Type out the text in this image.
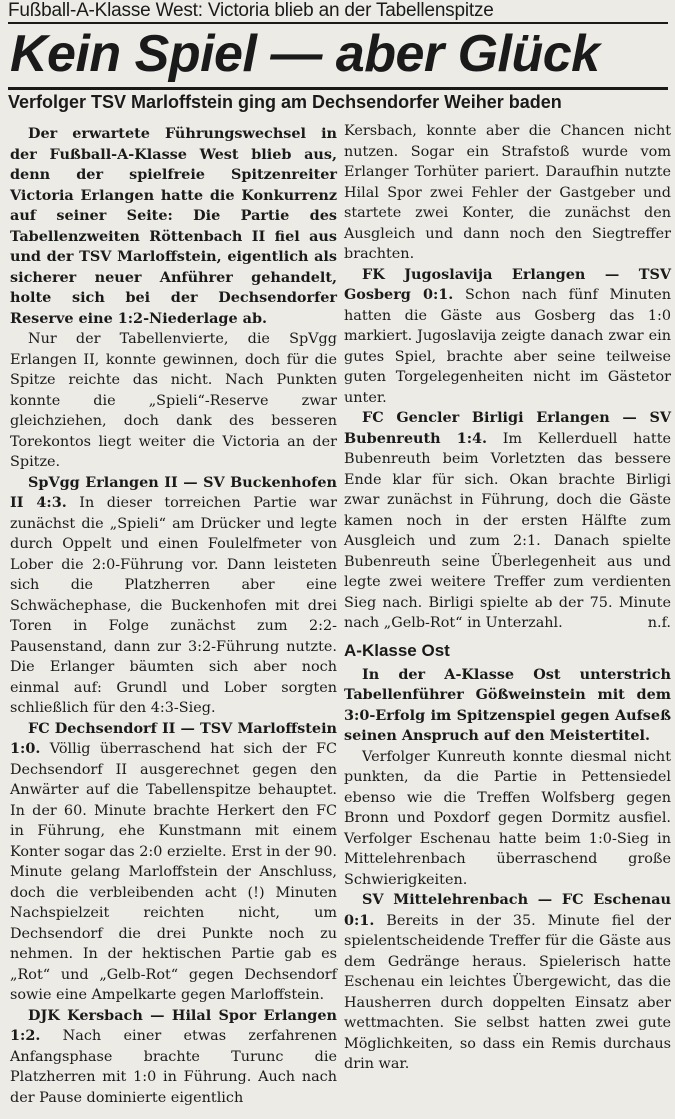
Fußball-A-Klasse West: Victoria blieb an der Tabellenspitze
Kein Spiel — aber Glück
Verfolger TSV Marloffstein ging am Dechsendorfer Weiher baden

Der erwartete Führungswechsel in der Fußball-A-Klasse West blieb aus, denn der spielfreie Spitzenreiter Victoria Erlangen hatte die Konkurrenz auf seiner Seite: Die Partie des Tabellenzweiten Röttenbach II fiel aus und der TSV Marloffstein, eigentlich als sicherer neuer Anführer gehandelt, holte sich bei der Dechsendorfer Reserve eine 1:2-Niederlage ab.

Nur der Tabellenvierte, die SpVgg Erlangen II, konnte gewinnen, doch für die Spitze reichte das nicht. Nach Punkten konnte die „Spieli“-Reserve zwar gleichziehen, doch dank des besseren Torekontos liegt weiter die Victoria an der Spitze.

SpVgg Erlangen II — SV Buckenhofen II 4:3. In dieser torreichen Partie war zunächst die „Spieli“ am Drücker und legte durch Oppelt und einen Foulelfmeter von Lober die 2:0-Führung vor. Dann leisteten sich die Platzherren aber eine Schwächephase, die Buckenhofen mit drei Toren in Folge zunächst zum 2:2-Pausenstand, dann zur 3:2-Führung nutzte. Die Erlanger bäumten sich aber noch einmal auf: Grundl und Lober sorgten schließlich für den 4:3-Sieg.

FC Dechsendorf II — TSV Marloffstein 1:0. Völlig überraschend hat sich der FC Dechsendorf II ausgerechnet gegen den Anwärter auf die Tabellenspitze behauptet. In der 60. Minute brachte Herkert den FC in Führung, ehe Kunstmann mit einem Konter sogar das 2:0 erzielte. Erst in der 90. Minute gelang Marloffstein der Anschluss, doch die verbleibenden acht (!) Minuten Nachspielzeit reichten nicht, um Dechsendorf die drei Punkte noch zu nehmen. In der hektischen Partie gab es „Rot“ und „Gelb-Rot“ gegen Dechsendorf sowie eine Ampelkarte gegen Marloffstein.

DJK Kersbach — Hilal Spor Erlangen 1:2. Nach einer etwas zerfahrenen Anfangsphase brachte Turunc die Platzherren mit 1:0 in Führung. Auch nach der Pause dominierte eigentlich

Kersbach, konnte aber die Chancen nicht nutzen. Sogar ein Strafstoß wurde vom Erlanger Torhüter pariert. Daraufhin nutzte Hilal Spor zwei Fehler der Gastgeber und startete zwei Konter, die zunächst den Ausgleich und dann noch den Siegtreffer brachten.

FK Jugoslavija Erlangen — TSV Gosberg 0:1. Schon nach fünf Minuten hatten die Gäste aus Gosberg das 1:0 markiert. Jugoslavija zeigte danach zwar ein gutes Spiel, brachte aber seine teilweise guten Torgelegenheiten nicht im Gästetor unter.

FC Gencler Birligi Erlangen — SV Bubenreuth 1:4. Im Kellerduell hatte Bubenreuth beim Vorletzten das bessere Ende klar für sich. Okan brachte Birligi zwar zunächst in Führung, doch die Gäste kamen noch in der ersten Hälfte zum Ausgleich und zum 2:1. Danach spielte Bubenreuth seine Überlegenheit aus und legte zwei weitere Treffer zum verdienten Sieg nach. Birligi spielte ab der 75. Minute nach „Gelb-Rot“ in Unterzahl.	n.f.

A-Klasse Ost

In der A-Klasse Ost unterstrich Tabellenführer Gößweinstein mit dem 3:0-Erfolg im Spitzenspiel gegen Aufseß seinen Anspruch auf den Meistertitel.

Verfolger Kunreuth konnte diesmal nicht punkten, da die Partie in Pettensiedel ebenso wie die Treffen Wolfsberg gegen Bronn und Poxdorf gegen Dormitz ausfiel. Verfolger Eschenau hatte beim 1:0-Sieg in Mittelehrenbach überraschend große Schwierigkeiten.

SV Mittelehrenbach — FC Eschenau 0:1. Bereits in der 35. Minute fiel der spielentscheidende Treffer für die Gäste aus dem Gedränge heraus. Spielerisch hatte Eschenau ein leichtes Übergewicht, das die Hausherren durch doppelten Einsatz aber wettmachten. Sie selbst hatten zwei gute Möglichkeiten, so dass ein Remis durchaus drin war.
